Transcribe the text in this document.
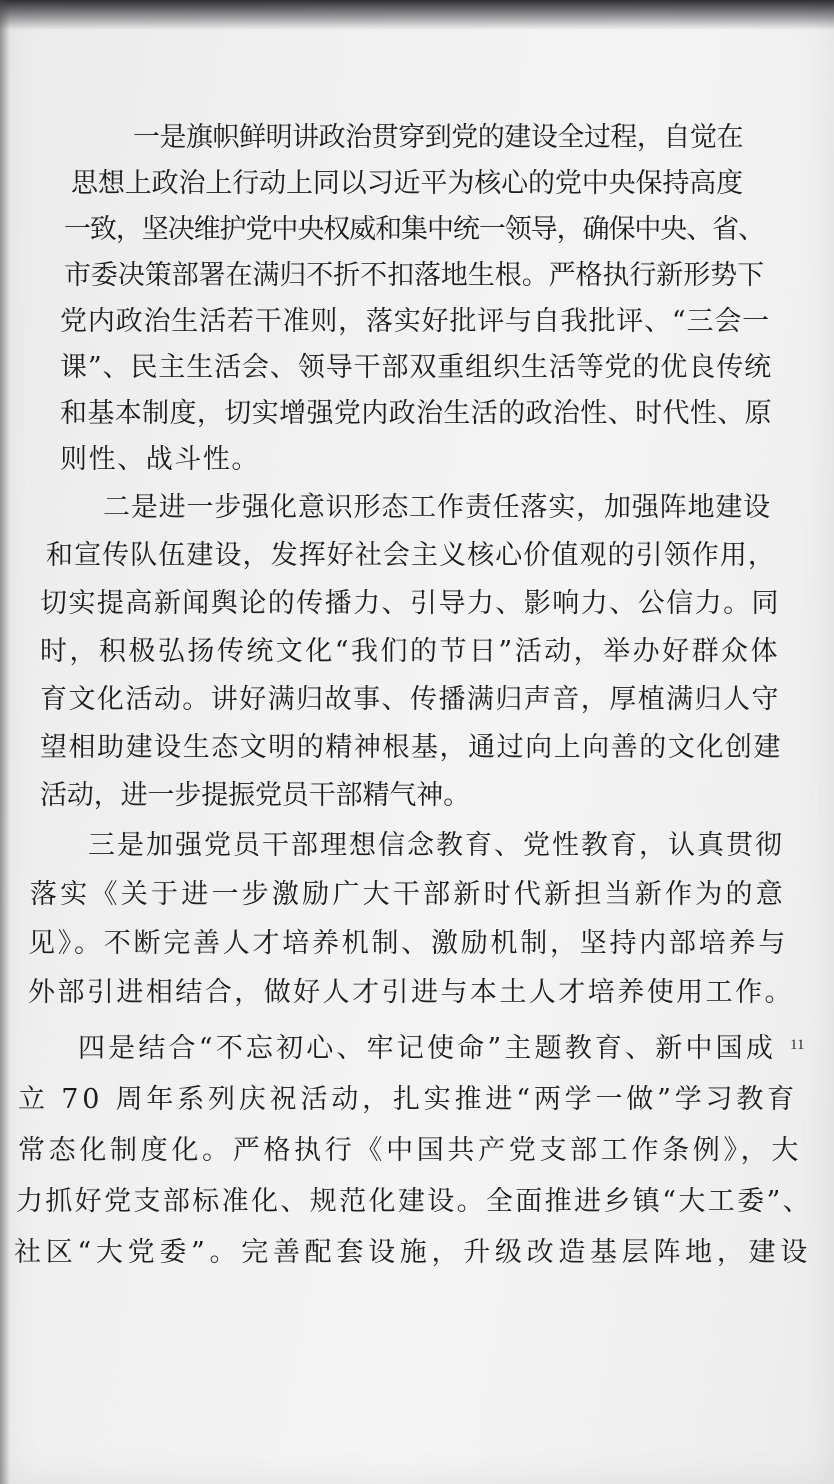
一是旗帜鲜明讲政治贯穿到党的建设全过程，自觉在
思想上政治上行动上同以习近平为核心的党中央保持高度
一致，坚决维护党中央权威和集中统一领导，确保中央、省、
市委决策部署在满归不折不扣落地生根。严格执行新形势下
党内政治生活若干准则，落实好批评与自我批评、“三会一
课”、民主生活会、领导干部双重组织生活等党的优良传统
和基本制度，切实增强党内政治生活的政治性、时代性、原
则性、战斗性。
二是进一步强化意识形态工作责任落实，加强阵地建设
和宣传队伍建设，发挥好社会主义核心价值观的引领作用，
切实提高新闻舆论的传播力、引导力、影响力、公信力。同
时，积极弘扬传统文化“我们的节日”活动，举办好群众体
育文化活动。讲好满归故事、传播满归声音，厚植满归人守
望相助建设生态文明的精神根基，通过向上向善的文化创建
活动，进一步提振党员干部精气神。
三是加强党员干部理想信念教育、党性教育，认真贯彻
落实《关于进一步激励广大干部新时代新担当新作为的意
见》。不断完善人才培养机制、激励机制，坚持内部培养与
外部引进相结合，做好人才引进与本土人才培养使用工作。
四是结合“不忘初心、牢记使命”主题教育、新中国成
立 70 周年系列庆祝活动，扎实推进“两学一做”学习教育
常态化制度化。严格执行《中国共产党支部工作条例》，大
力抓好党支部标准化、规范化建设。全面推进乡镇“大工委”、
社区“大党委”。完善配套设施，升级改造基层阵地，建设
11
